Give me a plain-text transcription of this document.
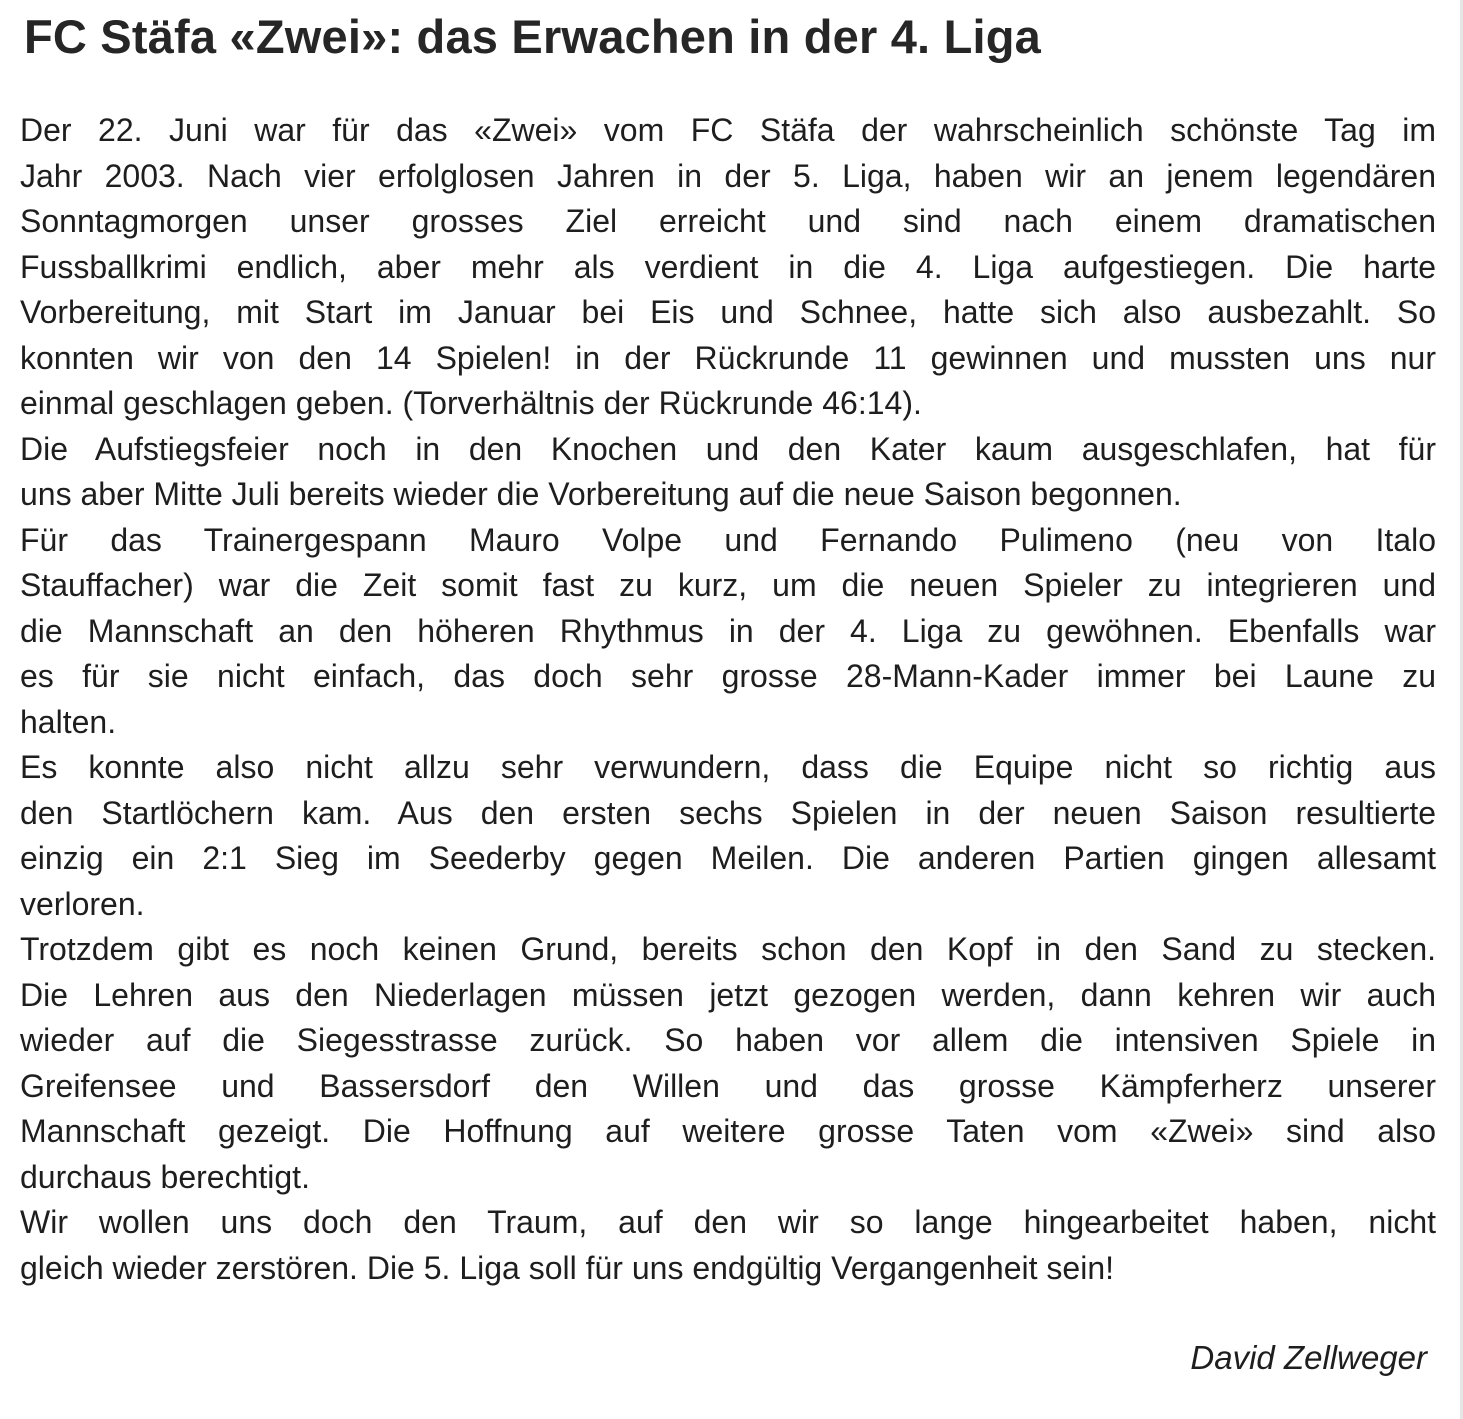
FC Stäfa «Zwei»: das Erwachen in der 4. Liga
Der 22. Juni war für das «Zwei» vom FC Stäfa der wahrscheinlich schönste Tag im
Jahr 2003. Nach vier erfolglosen Jahren in der 5. Liga, haben wir an jenem legendären
Sonntagmorgen unser grosses Ziel erreicht und sind nach einem dramatischen
Fussballkrimi endlich, aber mehr als verdient in die 4. Liga aufgestiegen. Die harte
Vorbereitung, mit Start im Januar bei Eis und Schnee, hatte sich also ausbezahlt. So
konnten wir von den 14 Spielen! in der Rückrunde 11 gewinnen und mussten uns nur
einmal geschlagen geben. (Torverhältnis der Rückrunde 46:14).
Die Aufstiegsfeier noch in den Knochen und den Kater kaum ausgeschlafen, hat für
uns aber Mitte Juli bereits wieder die Vorbereitung auf die neue Saison begonnen.
Für das Trainergespann Mauro Volpe und Fernando Pulimeno (neu von Italo
Stauffacher) war die Zeit somit fast zu kurz, um die neuen Spieler zu integrieren und
die Mannschaft an den höheren Rhythmus in der 4. Liga zu gewöhnen. Ebenfalls war
es für sie nicht einfach, das doch sehr grosse 28-Mann-Kader immer bei Laune zu
halten.
Es konnte also nicht allzu sehr verwundern, dass die Equipe nicht so richtig aus
den Startlöchern kam. Aus den ersten sechs Spielen in der neuen Saison resultierte
einzig ein 2:1 Sieg im Seederby gegen Meilen. Die anderen Partien gingen allesamt
verloren.
Trotzdem gibt es noch keinen Grund, bereits schon den Kopf in den Sand zu stecken.
Die Lehren aus den Niederlagen müssen jetzt gezogen werden, dann kehren wir auch
wieder auf die Siegesstrasse zurück. So haben vor allem die intensiven Spiele in
Greifensee und Bassersdorf den Willen und das grosse Kämpferherz unserer
Mannschaft gezeigt. Die Hoffnung auf weitere grosse Taten vom «Zwei» sind also
durchaus berechtigt.
Wir wollen uns doch den Traum, auf den wir so lange hingearbeitet haben, nicht
gleich wieder zerstören. Die 5. Liga soll für uns endgültig Vergangenheit sein!
David Zellweger
